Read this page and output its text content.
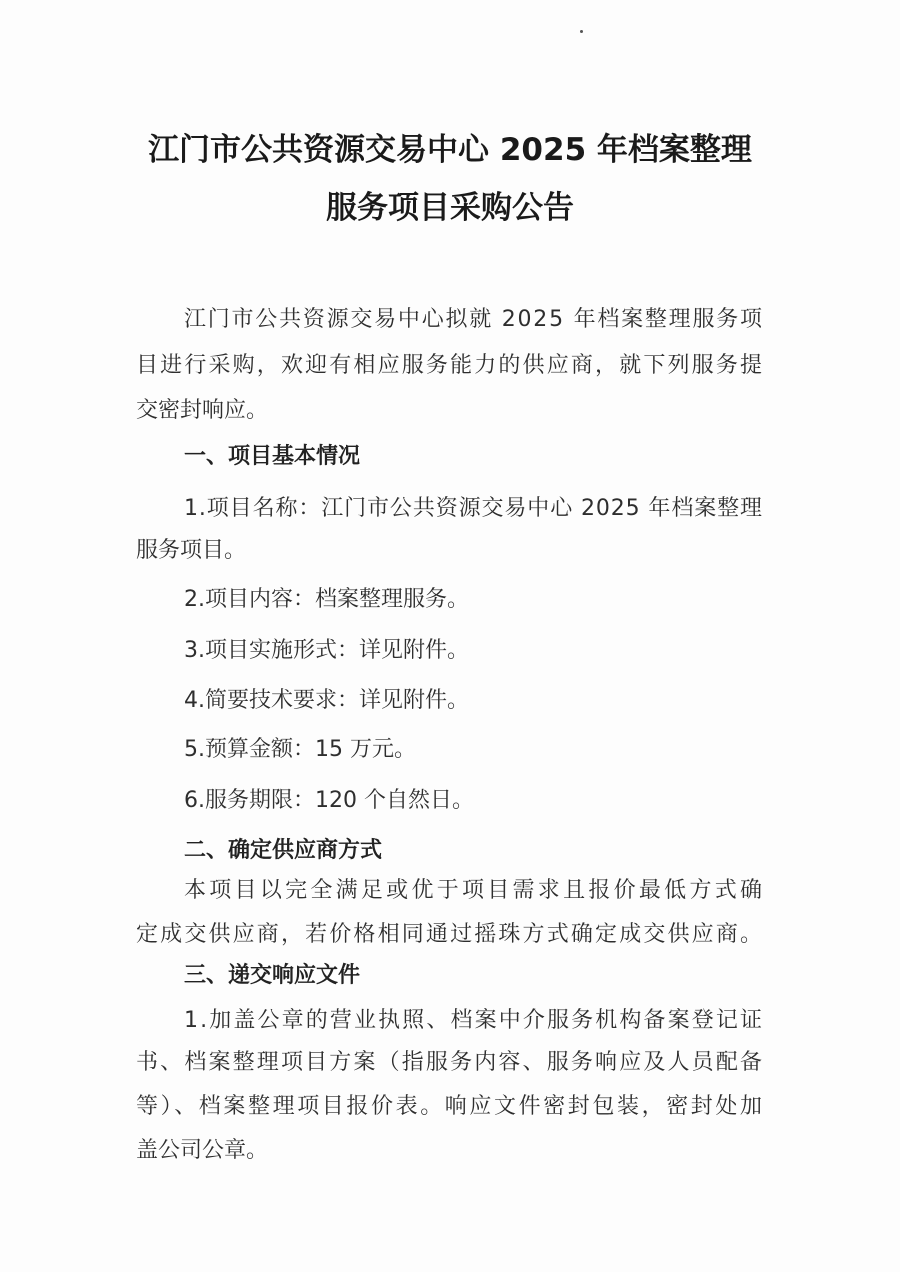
江门市公共资源交易中心 2025 年档案整理
服务项目采购公告
江门市公共资源交易中心拟就 2025 年档案整理服务项
目进行采购，欢迎有相应服务能力的供应商，就下列服务提
交密封响应。
一、项目基本情况
1.项目名称：江门市公共资源交易中心 2025 年档案整理
服务项目。
2.项目内容：档案整理服务。
3.项目实施形式：详见附件。
4.简要技术要求：详见附件。
5.预算金额：15 万元。
6.服务期限：120 个自然日。
二、确定供应商方式
本项目以完全满足或优于项目需求且报价最低方式确
定成交供应商，若价格相同通过摇珠方式确定成交供应商。
三、递交响应文件
1.加盖公章的营业执照、档案中介服务机构备案登记证
书、档案整理项目方案（指服务内容、服务响应及人员配备
等）、档案整理项目报价表。响应文件密封包装，密封处加
盖公司公章。
